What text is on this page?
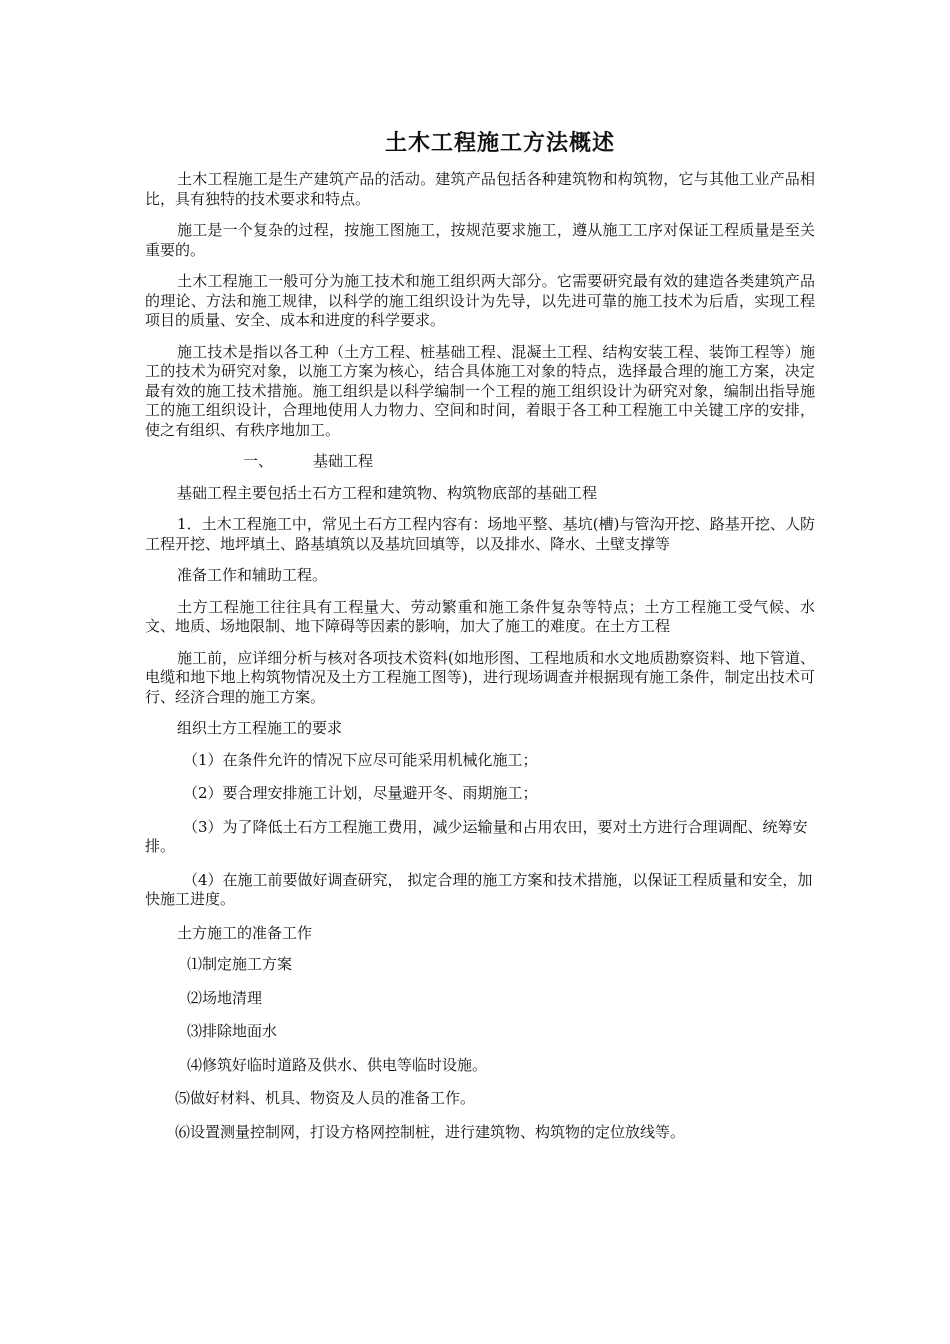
土木工程施工方法概述

土木工程施工是生产建筑产品的活动。建筑产品包括各种建筑物和构筑物，它与其他工业产品相比，具有独特的技术要求和特点。

施工是一个复杂的过程，按施工图施工，按规范要求施工，遵从施工工序对保证工程质量是至关重要的。

土木工程施工一般可分为施工技术和施工组织两大部分。它需要研究最有效的建造各类建筑产品的理论、方法和施工规律，以科学的施工组织设计为先导，以先进可靠的施工技术为后盾，实现工程项目的质量、安全、成本和进度的科学要求。

施工技术是指以各工种（土方工程、桩基础工程、混凝土工程、结构安装工程、装饰工程等）施工的技术为研究对象，以施工方案为核心，结合具体施工对象的特点，选择最合理的施工方案，决定最有效的施工技术措施。施工组织是以科学编制一个工程的施工组织设计为研究对象，编制出指导施工的施工组织设计，合理地使用人力物力、空间和时间，着眼于各工种工程施工中关键工序的安排，使之有组织、有秩序地加工。

一、	基础工程

基础工程主要包括土石方工程和建筑物、构筑物底部的基础工程

1．土木工程施工中，常见土石方工程内容有：场地平整、基坑(槽)与管沟开挖、路基开挖、人防工程开挖、地坪填土、路基填筑以及基坑回填等，以及排水、降水、土壁支撑等

准备工作和辅助工程。

土方工程施工往往具有工程量大、劳动繁重和施工条件复杂等特点；土方工程施工受气候、水文、地质、场地限制、地下障碍等因素的影响，加大了施工的难度。在土方工程

施工前，应详细分析与核对各项技术资料(如地形图、工程地质和水文地质勘察资料、地下管道、电缆和地下地上构筑物情况及土方工程施工图等)，进行现场调查并根据现有施工条件，制定出技术可行、经济合理的施工方案。

组织土方工程施工的要求

（1）在条件允许的情况下应尽可能采用机械化施工；

（2）要合理安排施工计划，尽量避开冬、雨期施工；

（3）为了降低土石方工程施工费用，减少运输量和占用农田，要对土方进行合理调配、统筹安排。

（4）在施工前要做好调查研究， 拟定合理的施工方案和技术措施，以保证工程质量和安全，加快施工进度。

土方施工的准备工作

⑴制定施工方案

⑵场地清理

⑶排除地面水

⑷修筑好临时道路及供水、供电等临时设施。

⑸做好材料、机具、物资及人员的准备工作。

⑹设置测量控制网，打设方格网控制桩，进行建筑物、构筑物的定位放线等。
